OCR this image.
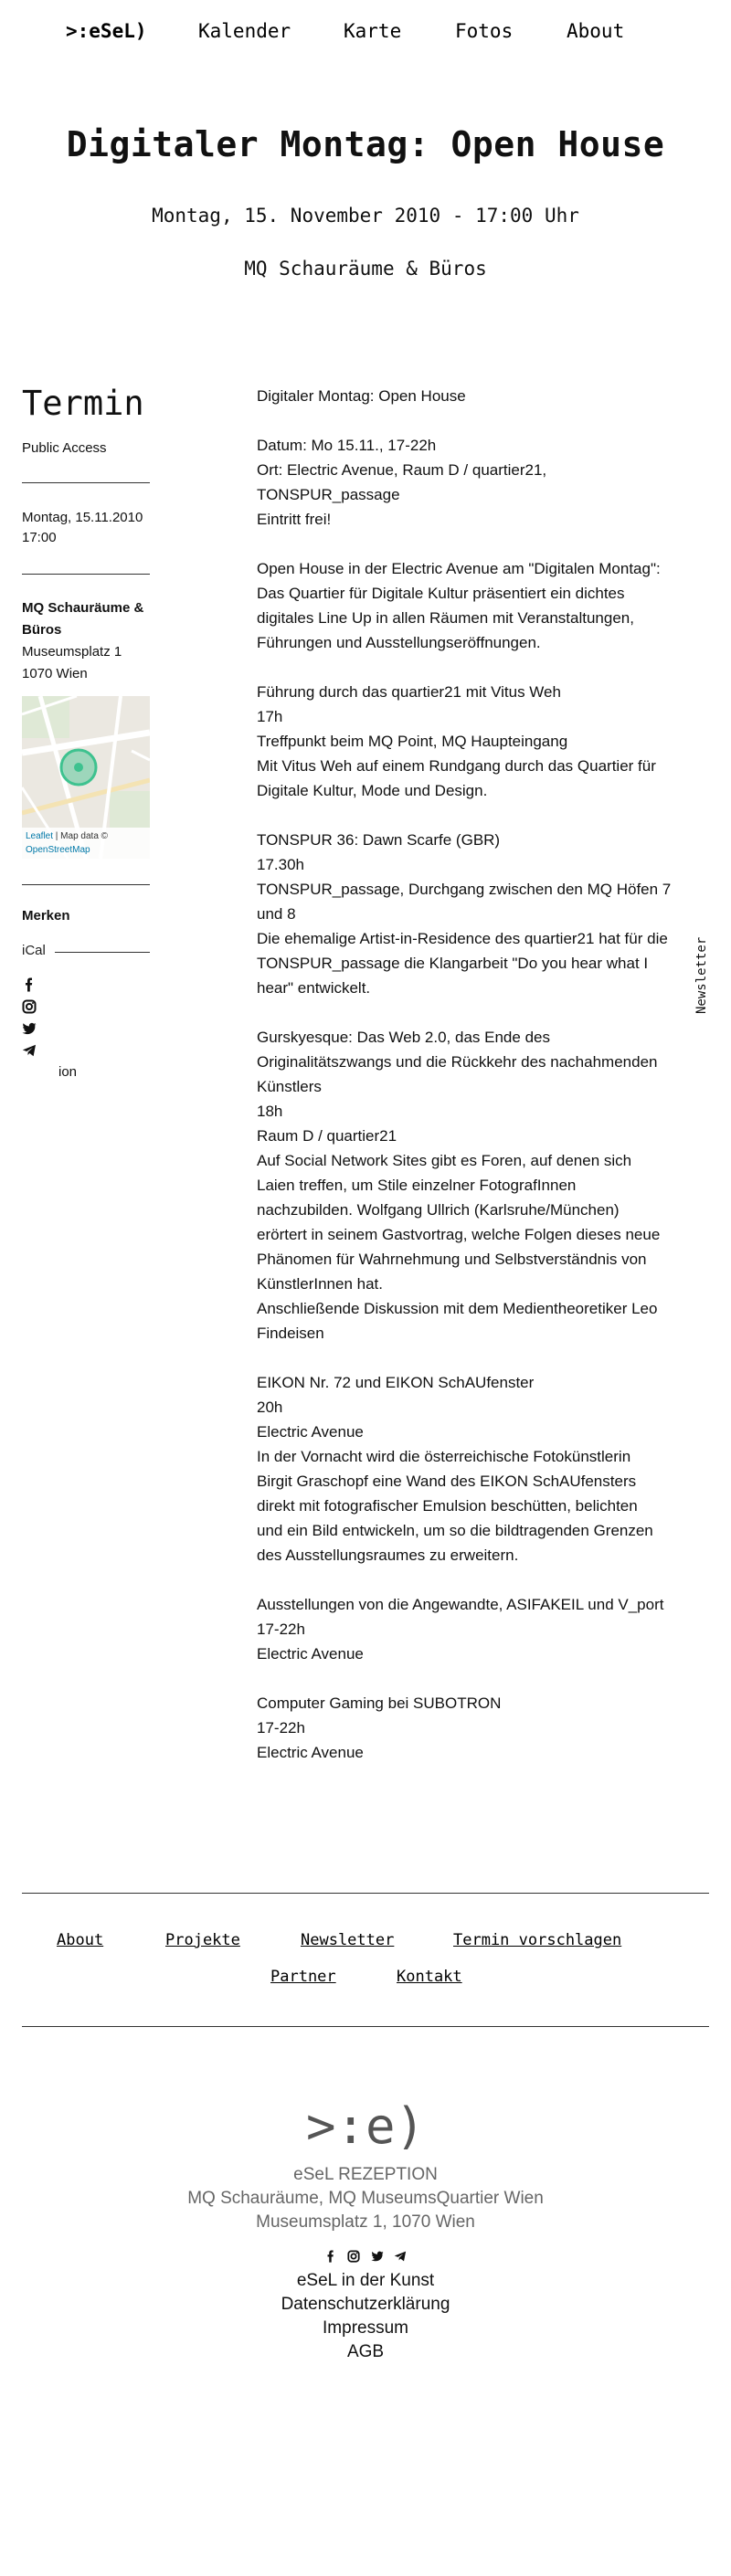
>:eSeL)	Kalender	Karte	Fotos	About
Digitaler Montag: Open House
Montag, 15. November 2010 - 17:00 Uhr
MQ Schauräume & Büros
Termin
Public Access
Montag, 15.11.2010
17:00
MQ Schauräume & Büros
Museumsplatz 1
1070 Wien
Leaflet | Map data ©
OpenStreetMap
Merken
iCal
ion

Digitaler Montag: Open House

Datum: Mo 15.11., 17-22h
Ort: Electric Avenue, Raum D / quartier21,
TONSPUR_passage
Eintritt frei!

Open House in der Electric Avenue am "Digitalen Montag":
Das Quartier für Digitale Kultur präsentiert ein dichtes
digitales Line Up in allen Räumen mit Veranstaltungen,
Führungen und Ausstellungseröffnungen.

Führung durch das quartier21 mit Vitus Weh
17h
Treffpunkt beim MQ Point, MQ Haupteingang
Mit Vitus Weh auf einem Rundgang durch das Quartier für
Digitale Kultur, Mode und Design.

TONSPUR 36: Dawn Scarfe (GBR)
17.30h
TONSPUR_passage, Durchgang zwischen den MQ Höfen 7
und 8
Die ehemalige Artist-in-Residence des quartier21 hat für die
TONSPUR_passage die Klangarbeit "Do you hear what I
hear" entwickelt.

Gurskyesque: Das Web 2.0, das Ende des
Originalitätszwangs und die Rückkehr des nachahmenden
Künstlers
18h
Raum D / quartier21
Auf Social Network Sites gibt es Foren, auf denen sich
Laien treffen, um Stile einzelner FotografInnen
nachzubilden. Wolfgang Ullrich (Karlsruhe/München)
erörtert in seinem Gastvortrag, welche Folgen dieses neue
Phänomen für Wahrnehmung und Selbstverständnis von
KünstlerInnen hat.
Anschließende Diskussion mit dem Medientheoretiker Leo
Findeisen

EIKON Nr. 72 und EIKON SchAUfenster
20h
Electric Avenue
In der Vornacht wird die österreichische Fotokünstlerin
Birgit Graschopf eine Wand des EIKON SchAUfensters
direkt mit fotografischer Emulsion beschütten, belichten
und ein Bild entwickeln, um so die bildtragenden Grenzen
des Ausstellungsraumes zu erweitern.

Ausstellungen von die Angewandte, ASIFAKEIL und V_port
17-22h
Electric Avenue

Computer Gaming bei SUBOTRON
17-22h
Electric Avenue

Newsletter
About	Projekte	Newsletter	Termin vorschlagen
Partner	Kontakt
>:e)
eSeL REZEPTION
MQ Schauräume, MQ MuseumsQuartier Wien
Museumsplatz 1, 1070 Wien

eSeL in der Kunst
Datenschutzerklärung
Impressum
AGB
